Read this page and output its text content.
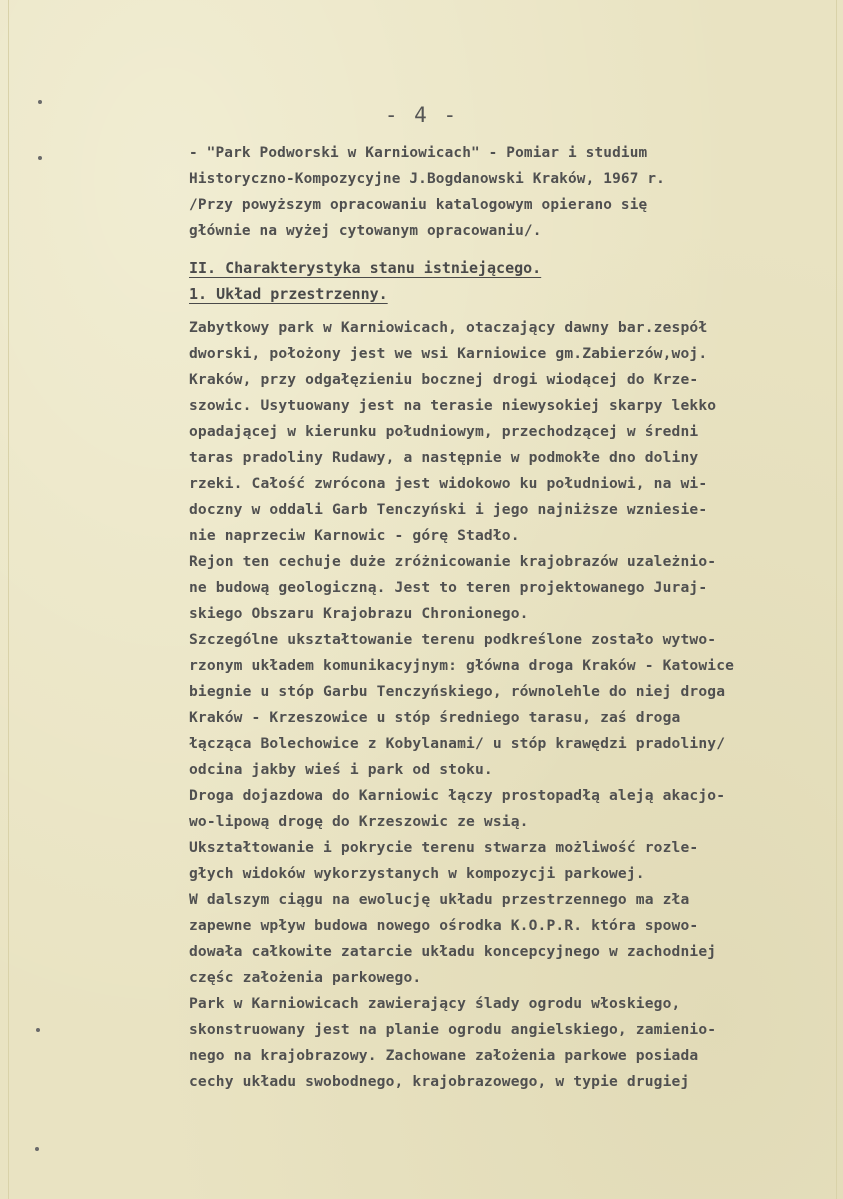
- 4 -
- "Park Podworski w Karniowicach" - Pomiar i studium
Historyczno-Kompozycyjne J.Bogdanowski Kraków, 1967 r.
/Przy powyższym opracowaniu katalogowym opierano się
głównie na wyżej cytowanym opracowaniu/.
II. Charakterystyka stanu istniejącego.
1. Układ przestrzenny.
Zabytkowy park w Karniowicach, otaczający dawny bar.zespół
dworski, położony jest we wsi Karniowice gm.Zabierzów,woj.
Kraków, przy odgałęzieniu bocznej drogi wiodącej do Krze-
szowic. Usytuowany jest na terasie niewysokiej skarpy lekko
opadającej w kierunku południowym, przechodzącej w średni
taras pradoliny Rudawy, a następnie w podmokłe dno doliny
rzeki. Całość zwrócona jest widokowo ku południowi, na wi-
doczny w oddali Garb Tenczyński i jego najniższe wzniesie-
nie naprzeciw Karnowic - górę Stadło.
Rejon ten cechuje duże zróżnicowanie krajobrazów uzależnio-
ne budową geologiczną. Jest to teren projektowanego Juraj-
skiego Obszaru Krajobrazu Chronionego.
Szczególne ukształtowanie terenu podkreślone zostało wytwo-
rzonym układem komunikacyjnym: główna droga Kraków - Katowice
biegnie u stóp Garbu Tenczyńskiego, równolehle do niej droga
Kraków - Krzeszowice u stóp średniego tarasu, zaś droga
łącząca Bolechowice z Kobylanami/ u stóp krawędzi pradoliny/
odcina jakby wieś i park od stoku.
Droga dojazdowa do Karniowic łączy prostopadłą aleją akacjo-
wo-lipową drogę do Krzeszowic ze wsią.
Ukształtowanie i pokrycie terenu stwarza możliwość rozle-
głych widoków wykorzystanych w kompozycji parkowej.
W dalszym ciągu na ewolucję układu przestrzennego ma zła
zapewne wpływ budowa nowego ośrodka K.O.P.R. która spowo-
dowała całkowite zatarcie układu koncepcyjnego w zachodniej
częśc założenia parkowego.
Park w Karniowicach zawierający ślady ogrodu włoskiego,
skonstruowany jest na planie ogrodu angielskiego, zamienio-
nego na krajobrazowy. Zachowane założenia parkowe posiada
cechy układu swobodnego, krajobrazowego, w typie drugiej
